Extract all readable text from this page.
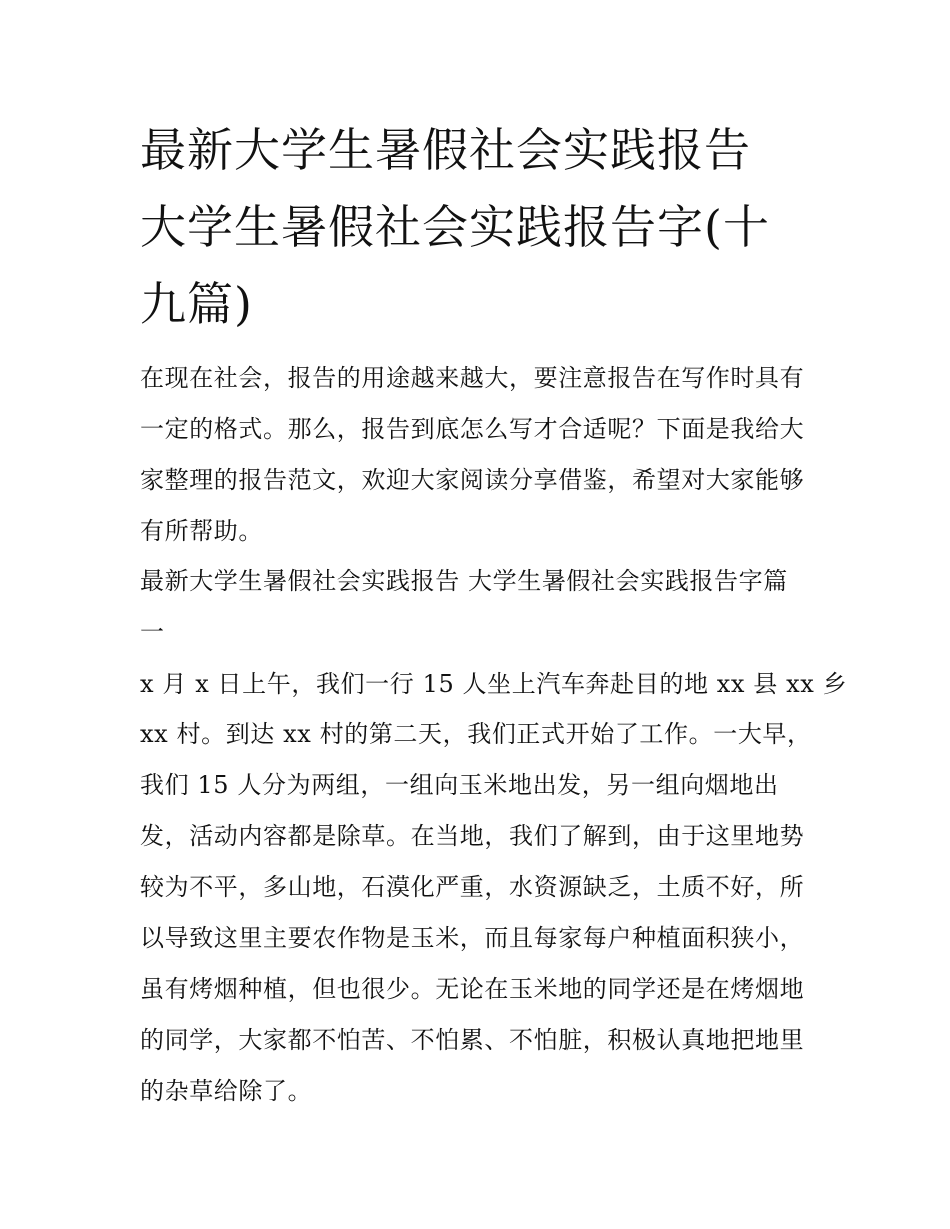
最新大学生暑假社会实践报告
大学生暑假社会实践报告字(十
九篇)

在现在社会，报告的用途越来越大，要注意报告在写作时具有

一定的格式。那么，报告到底怎么写才合适呢？下面是我给大

家整理的报告范文，欢迎大家阅读分享借鉴，希望对大家能够

有所帮助。

最新大学生暑假社会实践报告 大学生暑假社会实践报告字篇

一

x 月 x 日上午，我们一行 15 人坐上汽车奔赴目的地 xx 县 xx 乡

xx 村。到达 xx 村的第二天，我们正式开始了工作。一大早，

我们 15 人分为两组，一组向玉米地出发，另一组向烟地出

发，活动内容都是除草。在当地，我们了解到，由于这里地势

较为不平，多山地，石漠化严重，水资源缺乏，土质不好，所

以导致这里主要农作物是玉米，而且每家每户种植面积狭小，

虽有烤烟种植，但也很少。无论在玉米地的同学还是在烤烟地

的同学，大家都不怕苦、不怕累、不怕脏，积极认真地把地里

的杂草给除了。
